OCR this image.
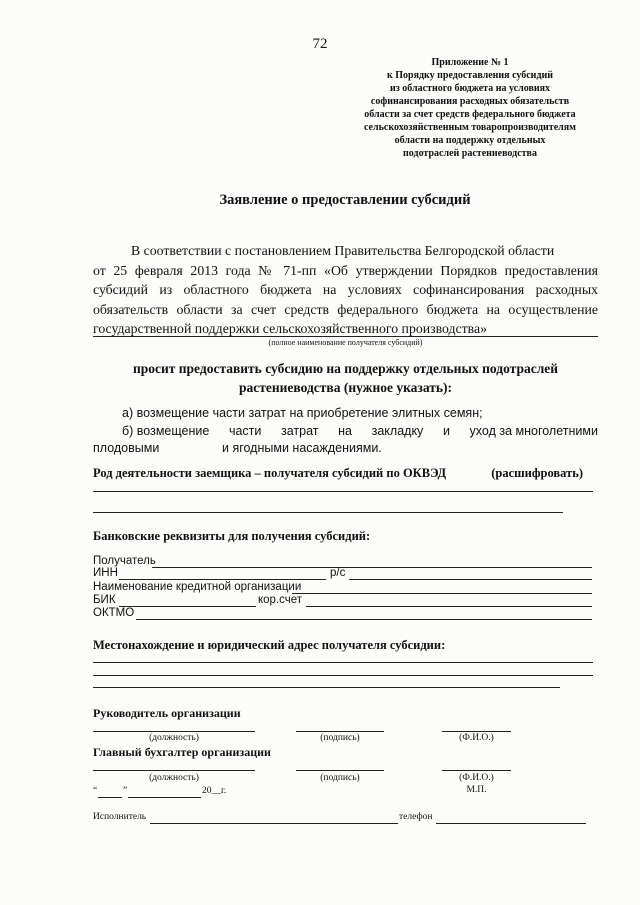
72
Приложение № 1
к Порядку предоставления субсидий
из областного бюджета на условиях
софинансирования расходных обязательств
области за счет средств федерального бюджета
сельскохозяйственным товаропроизводителям
области на поддержку отдельных
подотраслей растениеводства
Заявление о предоставлении субсидий
В соответствии с постановлением Правительства Белгородской области
от 25 февраля 2013 года № 71-пп «Об утверждении Порядков предоставления субсидий из областного бюджета на условиях софинансирования расходных обязательств области за счет средств федерального бюджета на осуществление государственной поддержки сельскохозяйственного производства»
(полное наименование получателя субсидий)
просит предоставить субсидию на поддержку отдельных подотраслей
растениеводства (нужное указать):
а) возмещение части затрат на приобретение элитных семян;
б) возмещение части затрат на закладку и уход за многолетними
плодовыми	и ягодными насаждениями.
Род деятельности заемщика – получателя субсидий по ОКВЭД	(расшифровать)
Банковские реквизиты для получения субсидий:
Получатель
ИНН	р/с
Наименование кредитной организации
БИК	кор.счет
ОКТМО
Местонахождение и юридический адрес получателя субсидии:
Руководитель организации
(должность)	(подпись)	(Ф.И.О.)
Главный бухгалтер организации
(должность)	(подпись)	(Ф.И.О.)
М.П.
“	”	20__г.
Исполнитель	телефон
